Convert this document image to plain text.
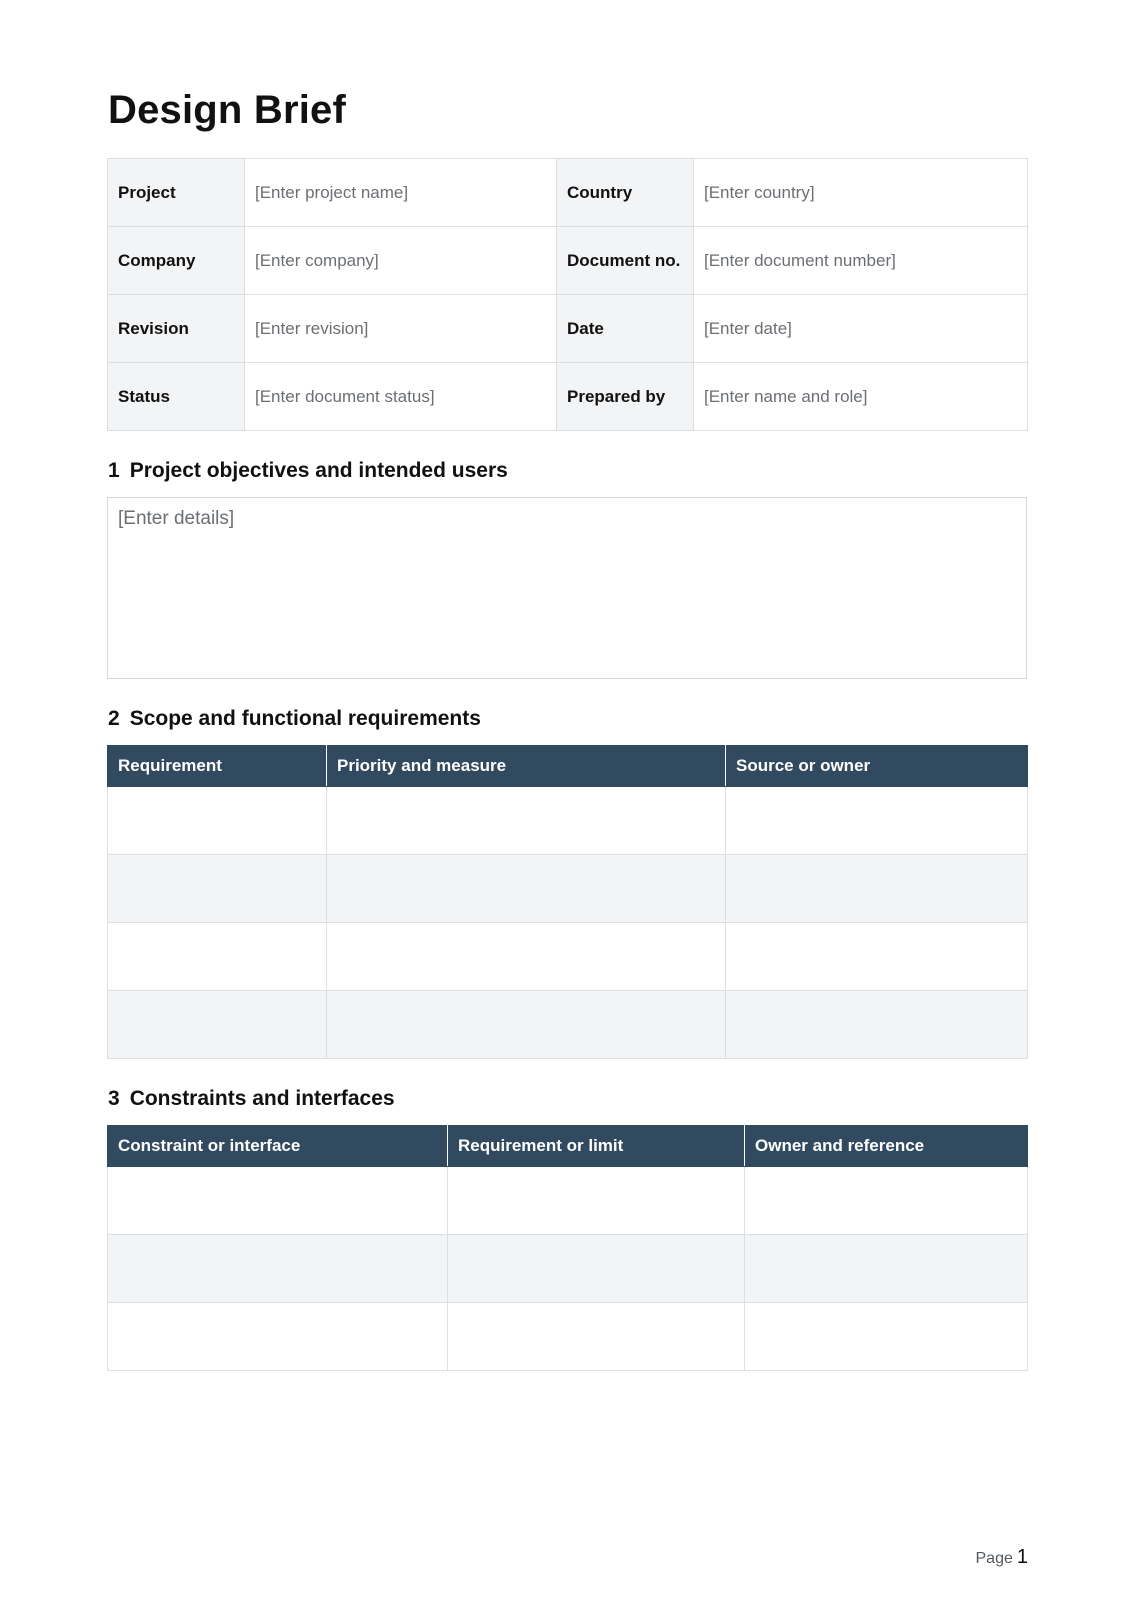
Design Brief
Project	[Enter project name]	Country	[Enter country]
Company	[Enter company]	Document no.	[Enter document number]
Revision	[Enter revision]	Date	[Enter date]
Status	[Enter document status]	Prepared by	[Enter name and role]
1 Project objectives and intended users
[Enter details]
2 Scope and functional requirements
Requirement	Priority and measure	Source or owner

3 Constraints and interfaces
Constraint or interface	Requirement or limit	Owner and reference

Page 1
